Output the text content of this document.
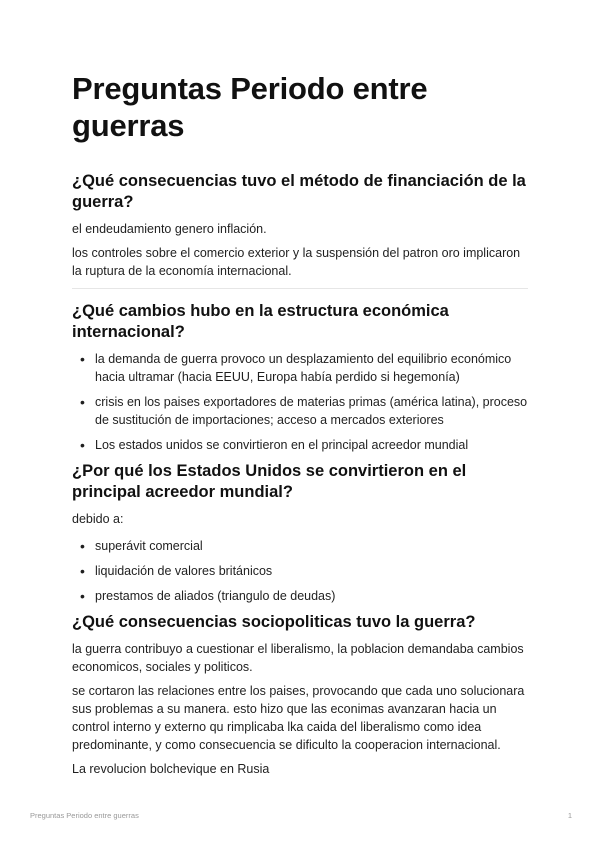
Preguntas Periodo entre guerras
¿Qué consecuencias tuvo el método de financiación de la guerra?

el endeudamiento genero inflación.

los controles sobre el comercio exterior y la suspensión del patron oro implicaron la ruptura de la economía internacional.

¿Qué cambios hubo en la estructura económica internacional?
• la demanda de guerra provoco un desplazamiento del equilibrio económico hacia ultramar (hacia EEUU, Europa había perdido si hegemonía)
• crisis en los paises exportadores de materias primas (américa latina), proceso de sustitución de importaciones; acceso a mercados exteriores
• Los estados unidos se convirtieron en el principal acreedor mundial
¿Por qué los Estados Unidos se convirtieron en el principal acreedor mundial?

debido a:

• superávit comercial
• liquidación de valores británicos
• prestamos de aliados (triangulo de deudas)
¿Qué consecuencias sociopoliticas tuvo la guerra?

la guerra contribuyo a cuestionar el liberalismo, la poblacion demandaba cambios economicos, sociales y politicos.

se cortaron las relaciones entre los paises, provocando que cada uno solucionara sus problemas a su manera. esto hizo que las econimas avanzaran hacia un control interno y externo qu rimplicaba lka caida del liberalismo como idea predominante, y como consecuencia se dificulto la cooperacion internacional.

La revolucion bolchevique en Rusia

Preguntas Periodo entre guerras	1
